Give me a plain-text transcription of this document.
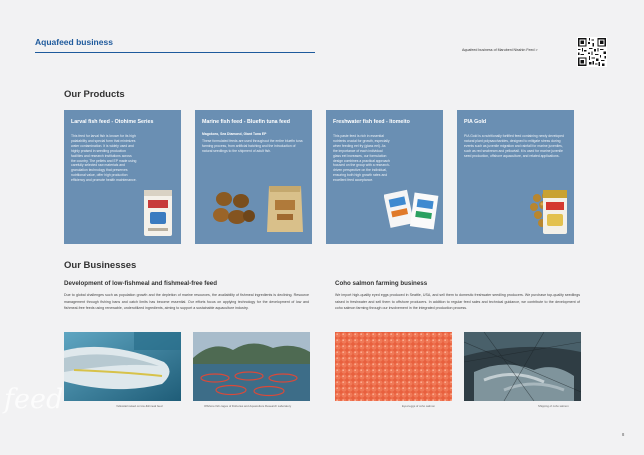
Aquafeed business
Aquafeed business of Marubeni Nisshin Feed >
Our Products
Larval fish feed - Otohime Series

This feed for larval fish is known for its high palatability and special form that minimizes water contamination. It is widely used and highly praised in seedling production facilities and research institutions across the country. The pellets and EP made using carefully selected raw materials and granulation technology that preserves nutritional value, offer high production efficiency and promote health maintenance.

Marine fish feed - Bluefin tuna feed
Magokoro, Sea Diamond, Giant Tuna EP

These formulated feeds are used throughout the entire bluefin tuna farming process, from artificial hatching and the introduction of natural seedlings to the shipment of adult fish.

Freshwater fish feed - Itomeito

This paste feed is rich in essential nutrients crucial for growth, especially when feeding eel fry (glass eel). As the importance of each individual glass eel increases, our formulation design combines a practical approach focused on the group with a research-driven perspective on the individual, ensuring both high growth rates and excellent feed acceptance.

PIA Gold

PIA Gold is a nutritionally fortified feed containing newly developed natural plant polysaccharides, designed to mitigate stress during events such as juvenile migration and rainfall for marine juveniles, such as red seabream and yellowtail. It is used for marine juvenile seed production, offshore aquaculture, and related applications.

Our Businesses
Development of low-fishmeal and fishmeal-free feed

Due to global challenges such as population growth and the depletion of marine resources, the availability of fishmeal ingredients is declining. Resource management through fishing bans and catch limits has become essential. Our efforts focus on applying technology for the development of low and fishmeal-free feeds using renewable, underutilized ingredients, aiming to support a sustainable aquaculture industry.

Coho salmon farming business

We import high-quality eyed eggs produced in Seattle, USA, and sell them to domestic freshwater seedling producers. We purchase top-quality seedlings raised in freshwater and sell them to offshore producers. In addition to regular feed sales and technical guidance, we contribute to the development of coho salmon farming through our involvement in the integrated production process.

Yellowtail raised on low-fishmeal feed	Offshore fish cages of Fisheries and Aquaculture Research Laboratory	Eyed eggs of coho salmon	Shipping of coho salmon
feed
8
